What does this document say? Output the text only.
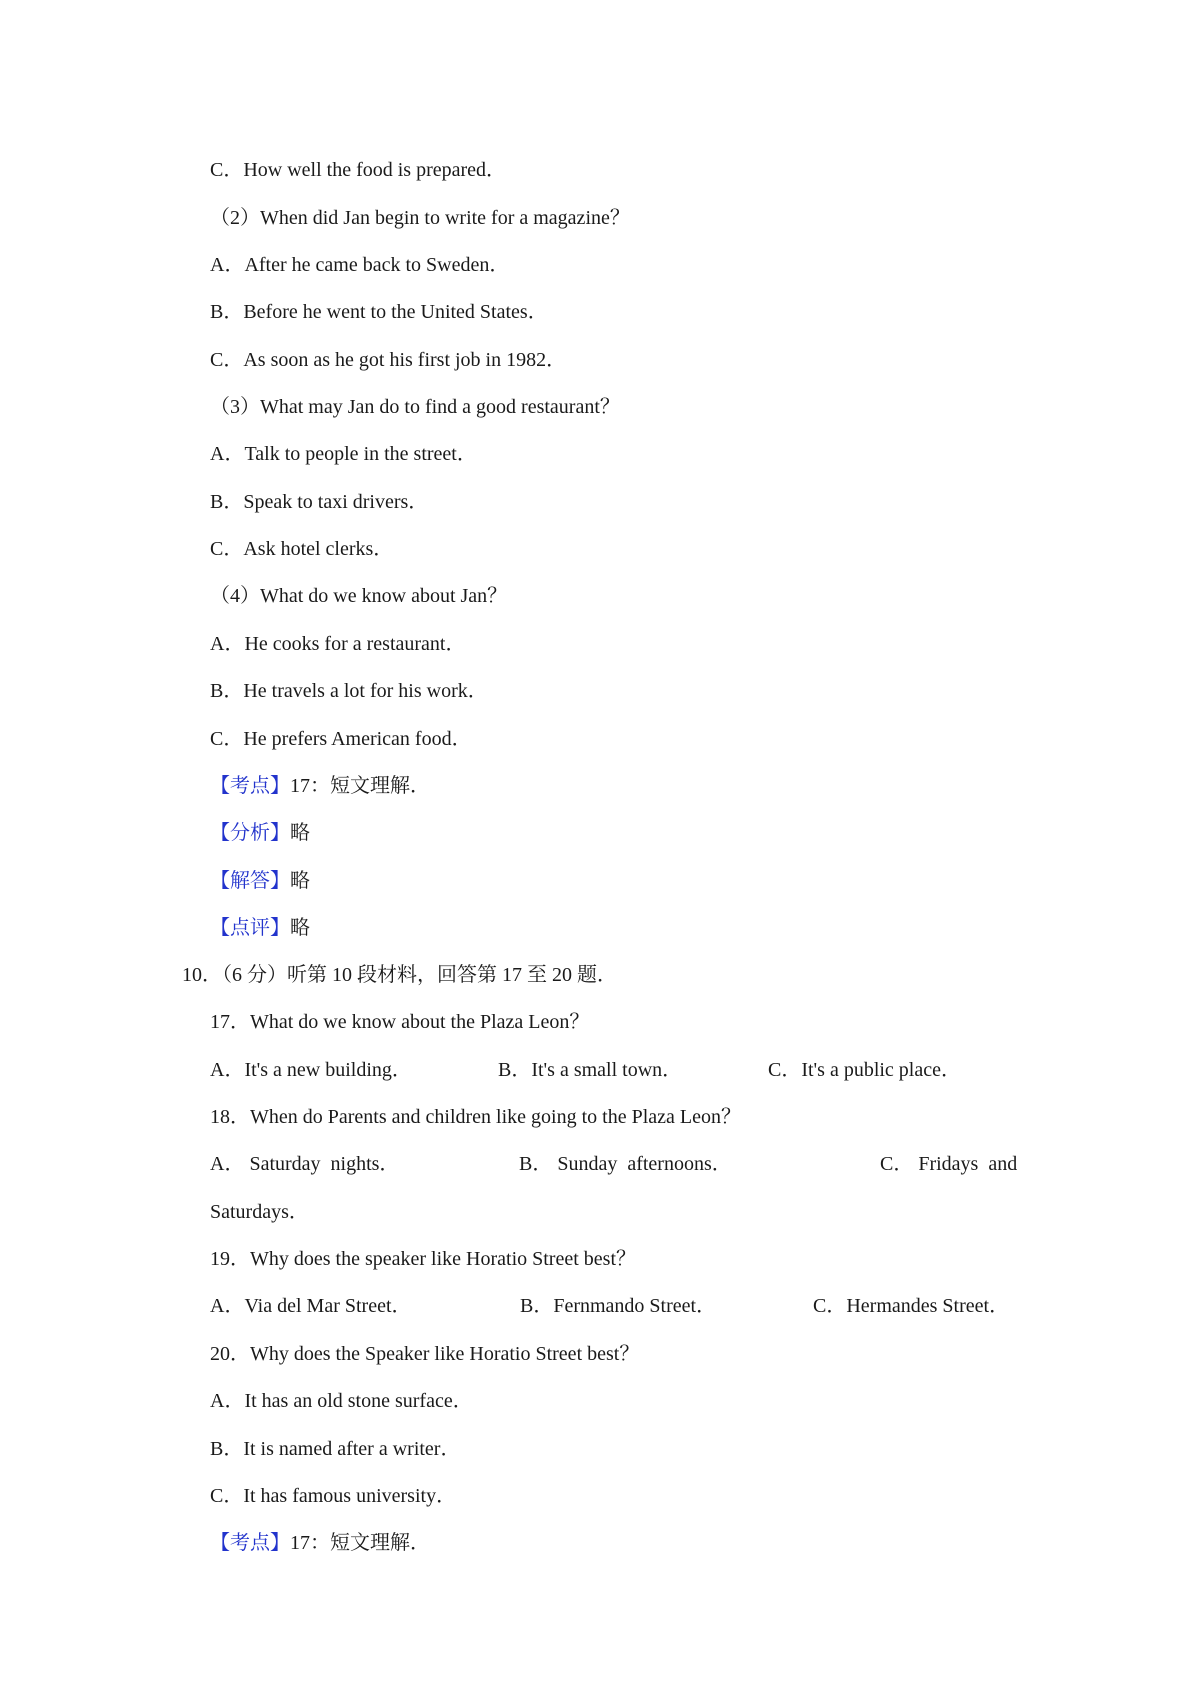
C．How well the food is prepared．
（2）When did Jan begin to write for a magazine？
A．After he came back to Sweden．
B．Before he went to the United States．
C．As soon as he got his first job in 1982．
（3）What may Jan do to find a good restaurant？
A．Talk to people in the street．
B．Speak to taxi drivers．
C．Ask hotel clerks．
（4）What do we know about Jan？
A．He cooks for a restaurant．
B．He travels a lot for his work．
C．He prefers American food．
【考点】17：短文理解．
【分析】略
【解答】略
【点评】略
10．（6 分）听第 10 段材料，回答第 17 至 20 题．
17．What do we know about the Plaza Leon？
A．It's a new building．	B．It's a small town．	C．It's a public place．
18．When do Parents and children like going to the Plaza Leon？
A． Saturday  nights．	B． Sunday  afternoons．	C． Fridays  and
Saturdays．
19．Why does the speaker like Horatio Street best？
A．Via del Mar Street．	B．Fernmando Street．	C．Hermandes Street．
20．Why does the Speaker like Horatio Street best？
A．It has an old stone surface．
B．It is named after a writer．
C．It has famous university．
【考点】17：短文理解．
